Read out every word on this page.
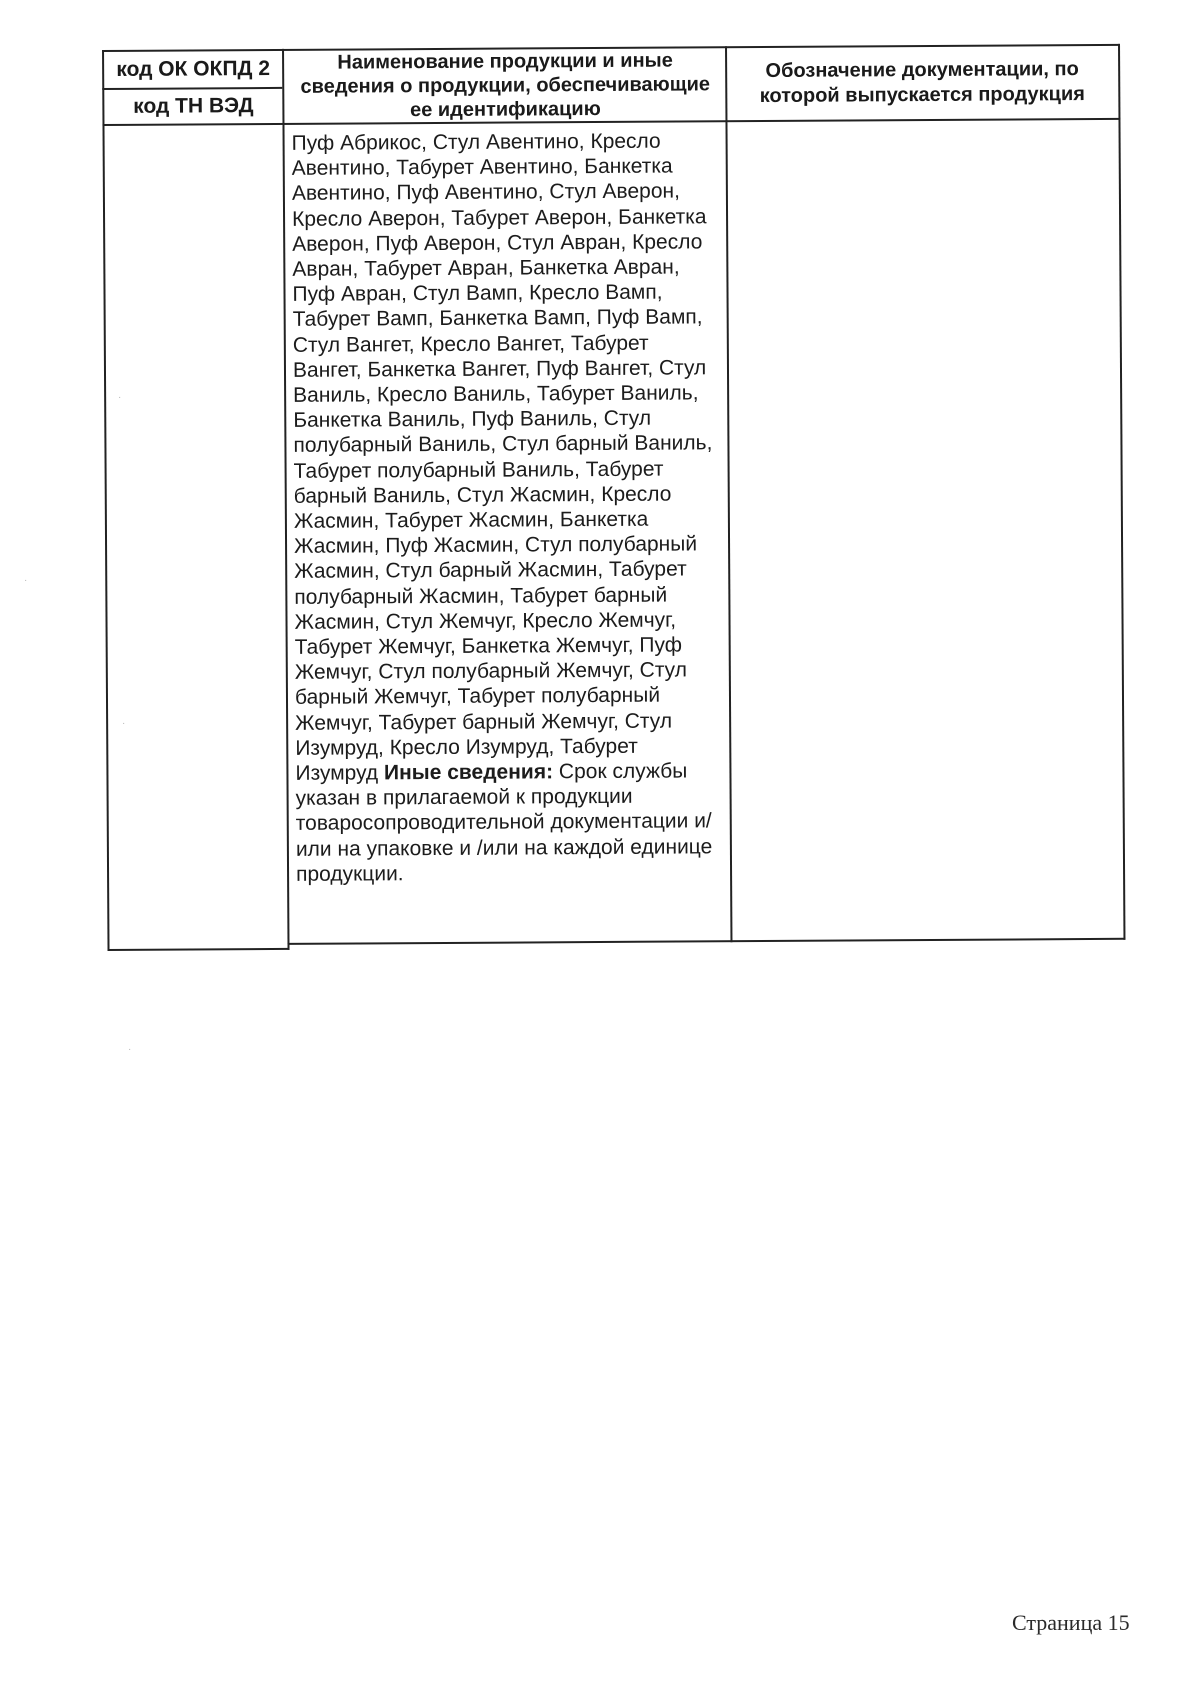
код ОК ОКПД 2
код ТН ВЭД
Наименование продукции и иные сведения о продукции, обеспечивающие ее идентификацию
Обозначение документации, по которой выпускается продукция
Пуф Абрикос, Стул Авентино, Кресло Авентино, Табурет Авентино, Банкетка Авентино, Пуф Авентино, Стул Аверон, Кресло Аверон, Табурет Аверон, Банкетка Аверон, Пуф Аверон, Стул Авран, Кресло Авран, Табурет Авран, Банкетка Авран, Пуф Авран, Стул Вамп, Кресло Вамп, Табурет Вамп, Банкетка Вамп, Пуф Вамп, Стул Вангет, Кресло Вангет, Табурет Вангет, Банкетка Вангет, Пуф Вангет, Стул Ваниль, Кресло Ваниль, Табурет Ваниль, Банкетка Ваниль, Пуф Ваниль, Стул полубарный Ваниль, Стул барный Ваниль, Табурет полубарный Ваниль, Табурет барный Ваниль, Стул Жасмин, Кресло Жасмин, Табурет Жасмин, Банкетка Жасмин, Пуф Жасмин, Стул полубарный Жасмин, Стул барный Жасмин, Табурет полубарный Жасмин, Табурет барный Жасмин, Стул Жемчуг, Кресло Жемчуг, Табурет Жемчуг, Банкетка Жемчуг, Пуф Жемчуг, Стул полубарный Жемчуг, Стул барный Жемчуг, Табурет полубарный Жемчуг, Табурет барный Жемчуг, Стул Изумруд, Кресло Изумруд, Табурет Изумруд Иные сведения: Срок службы указан в прилагаемой к продукции товаросопроводительной документации и/или на упаковке и /или на каждой единице продукции.
·
·
·
·
Страница 15
